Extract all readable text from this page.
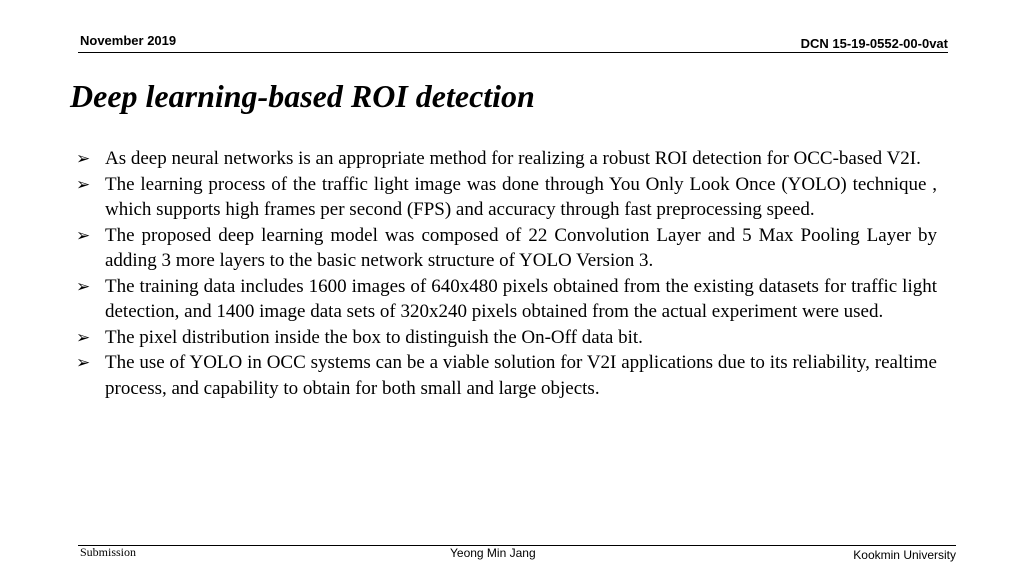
November 2019	DCN 15-19-0552-00-0vat
Deep learning-based ROI detection
➢ As deep neural networks is an appropriate method for realizing a robust ROI detection for OCC-based V2I.
➢ The learning process of the traffic light image was done through You Only Look Once (YOLO) technique , which supports high frames per second (FPS) and accuracy through fast preprocessing speed.
➢ The proposed deep learning model was composed of 22 Convolution Layer and 5 Max Pooling Layer by adding 3 more layers to the basic network structure of YOLO Version 3.
➢ The training data includes 1600 images of 640x480 pixels obtained from the existing datasets for traffic light detection, and 1400 image data sets of 320x240 pixels obtained from the actual experiment were used.
➢ The pixel distribution inside the box to distinguish the On-Off data bit.
➢ The use of YOLO in OCC systems can be a viable solution for V2I applications due to its reliability, realtime process, and capability to obtain for both small and large objects.
Submission	Yeong Min Jang	Kookmin University
